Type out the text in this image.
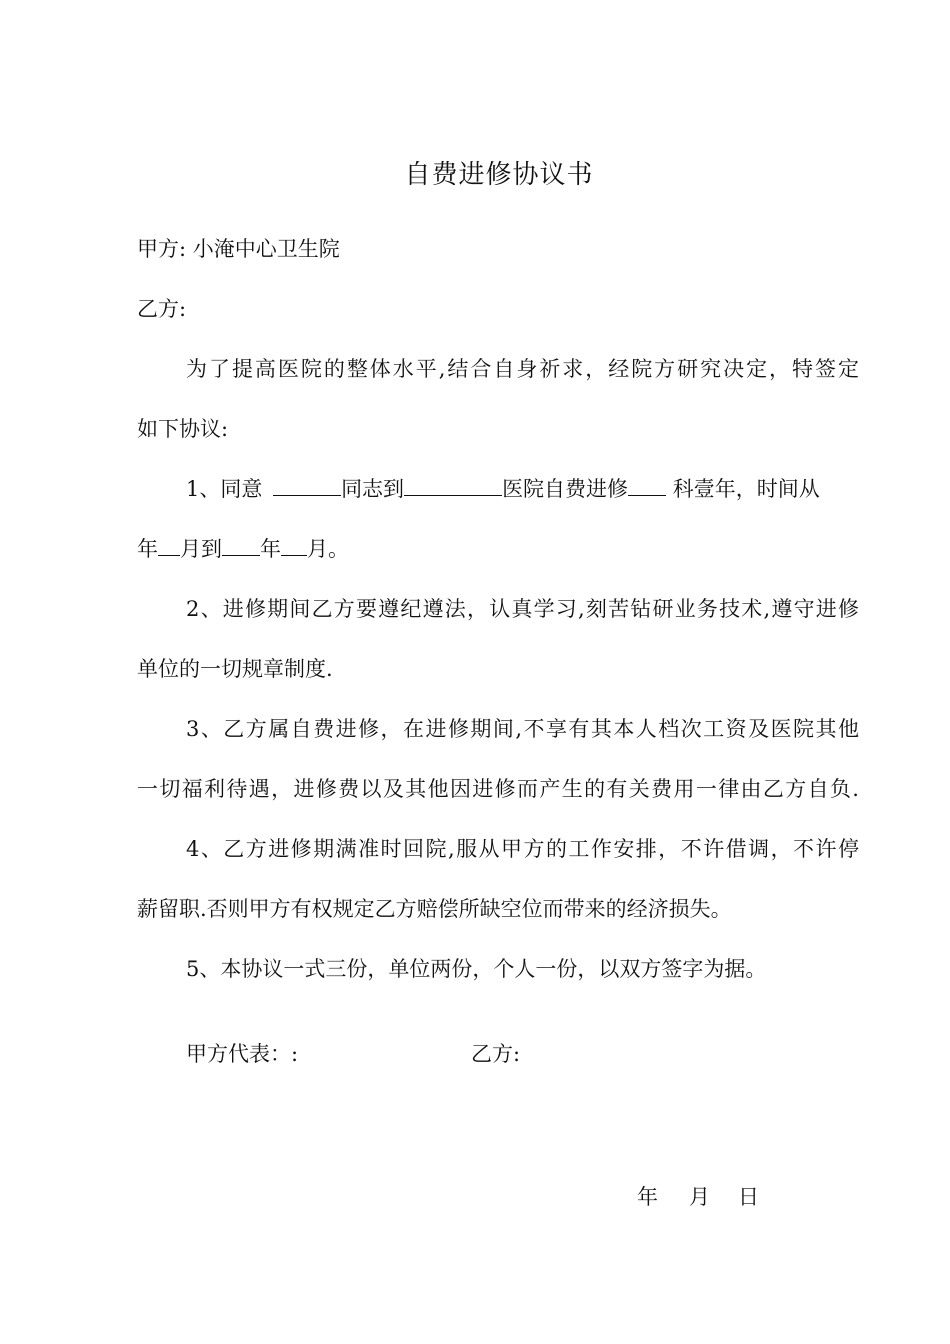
自费进修协议书
甲方: 小淹中心卫生院
乙方:
为了提高医院的整体水平,结合自身祈求，经院方研究决定，特签定
如下协议:
1、同意	同志到	医院自费进修 科壹年，时间从
年 月到 年 月。
2、进修期间乙方要遵纪遵法，认真学习,刻苦钻研业务技术,遵守进修
单位的一切规章制度.
3、乙方属自费进修，在进修期间,不享有其本人档次工资及医院其他
一切福利待遇，进修费以及其他因进修而产生的有关费用一律由乙方自负.
4、乙方进修期满准时回院,服从甲方的工作安排，不许借调，不许停
薪留职.否则甲方有权规定乙方赔偿所缺空位而带来的经济损失。
5、本协议一式三份，单位两份，个人一份，以双方签字为据。
甲方代表：:	乙方:
年 月 日
